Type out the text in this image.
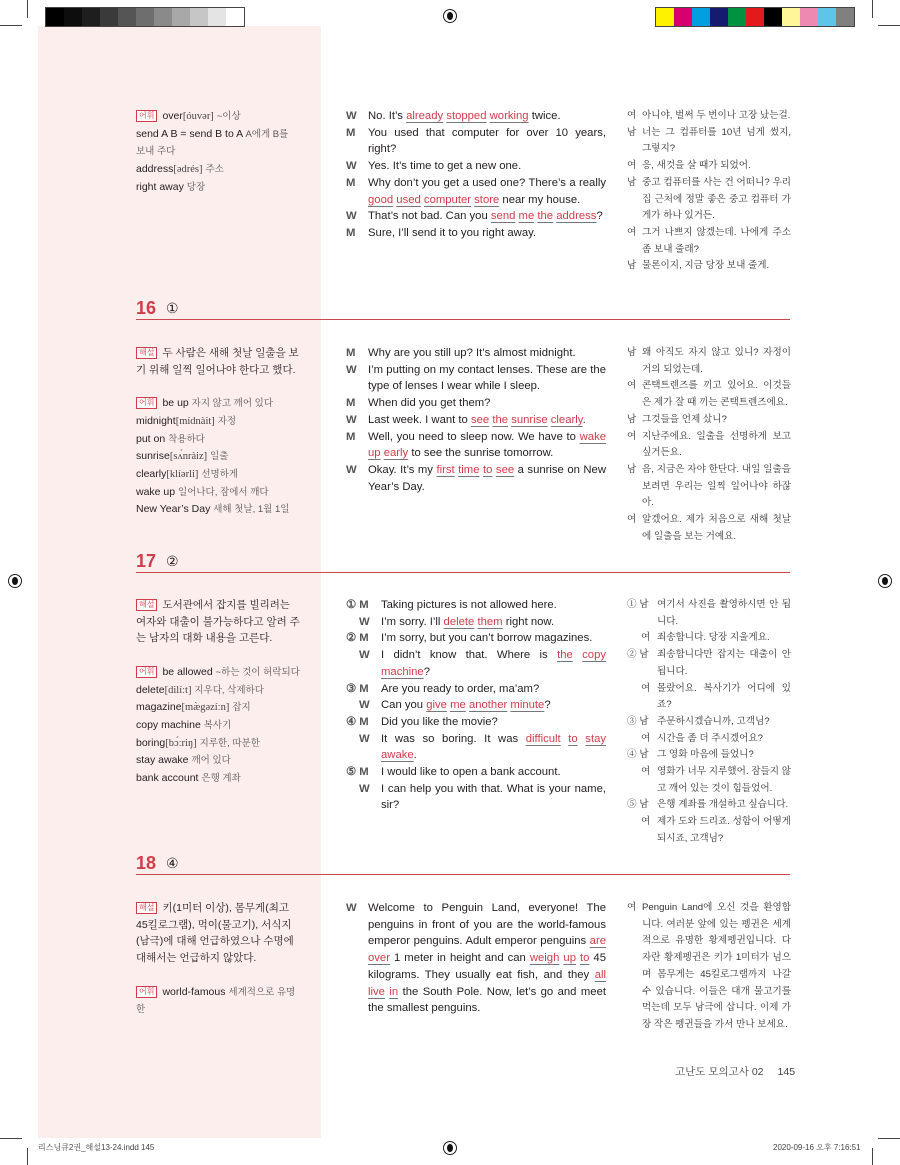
어휘 over[óuvər] ~이상
send A B = send B to A A에게 B를 보내 주다
address[ədrés] 주소
right away 당장
W	No. It’s already stopped working twice.
M	You used that computer for over 10 years, right?
W	Yes. It’s time to get a new one.
M	Why don’t you get a used one? There’s a really good used computer store near my house.
W	That’s not bad. Can you send me the address?
M	Sure, I’ll send it to you right away.
여 아니야, 벌써 두 번이나 고장 났는걸.
남 너는 그 컴퓨터를 10년 넘게 썼지, 그렇지?
여 응, 새것을 살 때가 되었어.
남 중고 컴퓨터를 사는 건 어떠니? 우리 집 근처에 정말 좋은 중고 컴퓨터 가게가 하나 있거든.
여 그거 나쁘지 않겠는데. 나에게 주소 좀 보내 줄래?
남 물론이지, 지금 당장 보내 줄게.
16 ①
해설 두 사람은 새해 첫날 일출을 보기 위해 일찍 일어나야 한다고 했다.
어휘 be up 자지 않고 깨어 있다
midnight[mídnàit] 자정
put on 착용하다
sunrise[sʌ́nràiz] 일출
clearly[klíərli] 선명하게
wake up 일어나다, 잠에서 깨다
New Year’s Day 새해 첫날, 1월 1일
M	Why are you still up? It’s almost midnight.
W	I’m putting on my contact lenses. These are the type of lenses I wear while I sleep.
M	When did you get them?
W	Last week. I want to see the sunrise clearly.
M	Well, you need to sleep now. We have to wake up early to see the sunrise tomorrow.
W	Okay. It’s my first time to see a sunrise on New Year’s Day.
남 왜 아직도 자지 않고 있니? 자정이 거의 되었는데.
여 콘택트렌즈를 끼고 있어요. 이것들은 제가 잘 때 끼는 콘택트렌즈에요.
남 그것들을 언제 샀니?
여 지난주에요. 일출을 선명하게 보고 싶거든요.
남 음, 지금은 자야 한단다. 내일 일출을 보려면 우리는 일찍 일어나야 하잖아.
여 알겠어요. 제가 처음으로 새해 첫날에 일출을 보는 거예요.
17 ②
해설 도서관에서 잡지를 빌리려는 여자와 대출이 불가능하다고 알려 주는 남자의 대화 내용을 고른다.
어휘 be allowed ~하는 것이 허락되다
delete[dilíːt] 지우다, 삭제하다
magazine[mæ̀gəzíːn] 잡지
copy machine 복사기
boring[bɔ́ːriŋ] 지루한, 따분한
stay awake 깨어 있다
bank account 은행 계좌
① M	Taking pictures is not allowed here.
W	I’m sorry. I’ll delete them right now.
② M	I’m sorry, but you can’t borrow magazines.
W	I didn’t know that. Where is the copy machine?
③ M	Are you ready to order, ma’am?
W	Can you give me another minute?
④ M	Did you like the movie?
W	It was so boring. It was difficult to stay awake.
⑤ M	I would like to open a bank account.
W	I can help you with that. What is your name, sir?
① 남 여기서 사진을 촬영하시면 안 됩니다.
여 죄송합니다. 당장 지울게요.
② 남 죄송합니다만 잡지는 대출이 안 됩니다.
여 몰랐어요. 복사기가 어디에 있죠?
③ 남 주문하시겠습니까, 고객님?
여 시간을 좀 더 주시겠어요?
④ 남 그 영화 마음에 들었니?
여 영화가 너무 지루했어. 잠들지 않고 깨어 있는 것이 힘들었어.
⑤ 남 은행 계좌를 개설하고 싶습니다.
여 제가 도와 드리죠. 성함이 어떻게 되시죠, 고객님?
18 ④
해설 키(1미터 이상), 몸무게(최고 45킬로그램), 먹이(물고기), 서식지(남극)에 대해 언급하였으나 수명에 대해서는 언급하지 않았다.
어휘 world-famous 세계적으로 유명한
W	Welcome to Penguin Land, everyone! The penguins in front of you are the world-famous emperor penguins. Adult emperor penguins are over 1 meter in height and can weigh up to 45 kilograms. They usually eat fish, and they all live in the South Pole. Now, let’s go and meet the smallest penguins.
여 Penguin Land에 오신 것을 환영합니다. 여러분 앞에 있는 펭귄은 세계적으로 유명한 황제펭귄입니다. 다 자란 황제펭귄은 키가 1미터가 넘으며 몸무게는 45킬로그램까지 나갈 수 있습니다. 이들은 대개 물고기를 먹는데 모두 남극에 삽니다. 이제 가장 작은 펭귄들을 가서 만나 보세요.
고난도 모의고사 02 145
리스닝큐2권_해설13-24.indd 145	2020-09-16 오후 7:16:51
